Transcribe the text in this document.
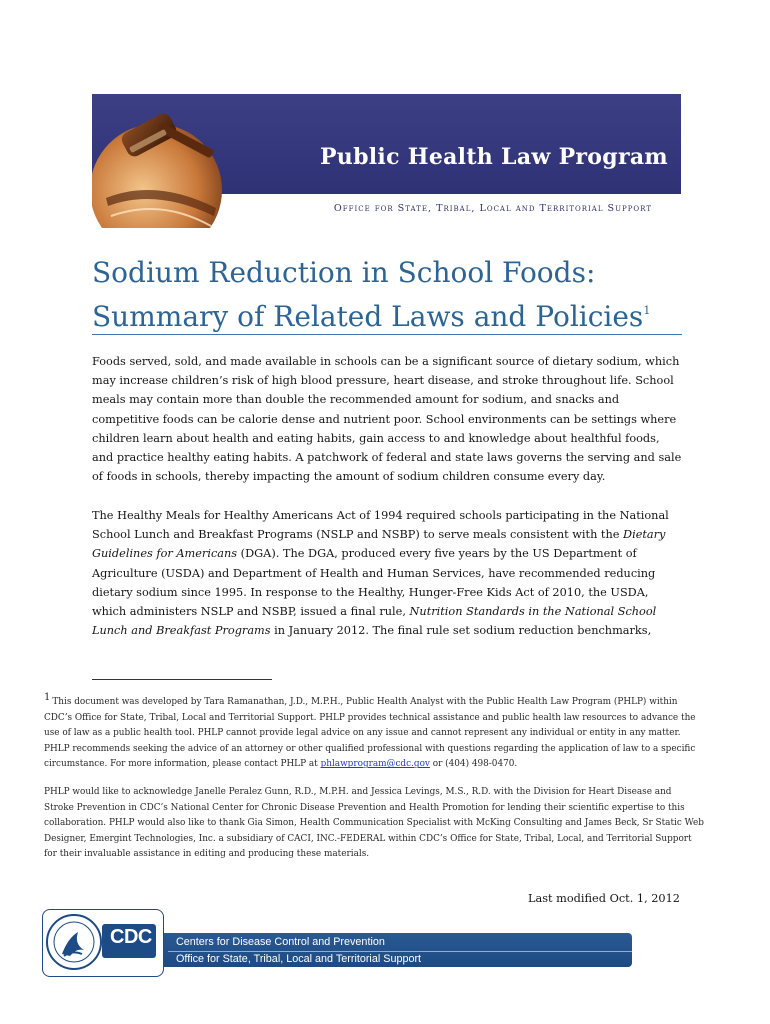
Public Health Law Program
Office for State, Tribal, Local and Territorial Support
Sodium Reduction in School Foods:
Summary of Related Laws and Policies$^1$

Foods served, sold, and made available in schools can be a significant source of dietary sodium, which may increase children’s risk of high blood pressure, heart disease, and stroke throughout life. School meals may contain more than double the recommended amount for sodium, and snacks and competitive foods can be calorie dense and nutrient poor. School environments can be settings where children learn about health and eating habits, gain access to and knowledge about healthful foods, and practice healthy eating habits. A patchwork of federal and state laws governs the serving and sale of foods in schools, thereby impacting the amount of sodium children consume every day.

The Healthy Meals for Healthy Americans Act of 1994 required schools participating in the National School Lunch and Breakfast Programs (NSLP and NSBP) to serve meals consistent with the Dietary Guidelines for Americans (DGA). The DGA, produced every five years by the US Department of Agriculture (USDA) and Department of Health and Human Services, have recommended reducing dietary sodium since 1995. In response to the Healthy, Hunger-Free Kids Act of 2010, the USDA, which administers NSLP and NSBP, issued a final rule, Nutrition Standards in the National School Lunch and Breakfast Programs in January 2012. The final rule set sodium reduction benchmarks,

1 This document was developed by Tara Ramanathan, J.D., M.P.H., Public Health Analyst with the Public Health Law Program (PHLP) within CDC’s Office for State, Tribal, Local and Territorial Support. PHLP provides technical assistance and public health law resources to advance the use of law as a public health tool. PHLP cannot provide legal advice on any issue and cannot represent any individual or entity in any matter. PHLP recommends seeking the advice of an attorney or other qualified professional with questions regarding the application of law to a specific circumstance. For more information, please contact PHLP at phlawprogram@cdc.gov or (404) 498-0470.

PHLP would like to acknowledge Janelle Peralez Gunn, R.D., M.P.H. and Jessica Levings, M.S., R.D. with the Division for Heart Disease and Stroke Prevention in CDC’s National Center for Chronic Disease Prevention and Health Promotion for lending their scientific expertise to this collaboration. PHLP would also like to thank Gia Simon, Health Communication Specialist with McKing Consulting and James Beck, Sr Static Web Designer, Emergint Technologies, Inc. a subsidiary of CACI, INC.-FEDERAL within CDC’s Office for State, Tribal, Local, and Territorial Support for their invaluable assistance in editing and producing these materials.

Last modified Oct. 1, 2012
Centers for Disease Control and Prevention
Office for State, Tribal, Local and Territorial Support
CDC
